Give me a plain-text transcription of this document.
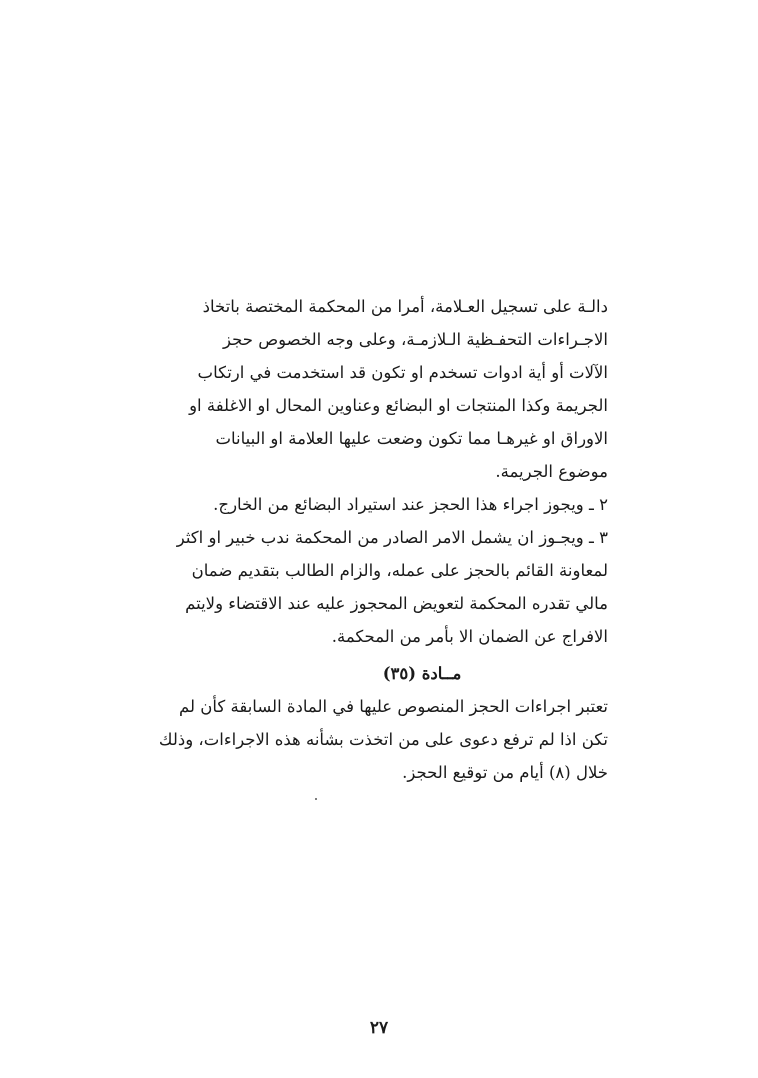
دالـة على تسجيل العـلامة، أمرا من المحكمة المختصة باتخاذ
الاجـراءات التحفـظية الـلازمـة، وعلى وجه الخصوص حجز
الآلات أو أية ادوات تسخدم او تكون قد استخدمت في ارتكاب
الجريمة وكذا المنتجات او البضائع وعناوين المحال او الاغلفة او
الاوراق او غيرهـا مما تكون وضعت عليها العلامة او البيانات
موضوع الجريمة.
٢ ـ ويجوز اجراء هذا الحجز عند استيراد البضائع من الخارج.
٣ ـ ويجـوز ان يشمل الامر الصادر من المحكمة ندب خبير او اكثر
لمعاونة القائم بالحجز على عمله، والزام الطالب بتقديم ضمان
مالي تقدره المحكمة لتعويض المحجوز عليه عند الاقتضاء ولايتم
الافراج عن الضمان الا بأمر من المحكمة.
مــادة (٣٥)
تعتبر اجراءات الحجز المنصوص عليها في المادة السابقة كأن لم
تكن اذا لم ترفع دعوى على من اتخذت بشأنه هذه الاجراءات، وذلك
خلال (٨) أيام من توقيع الحجز.
٢٧
